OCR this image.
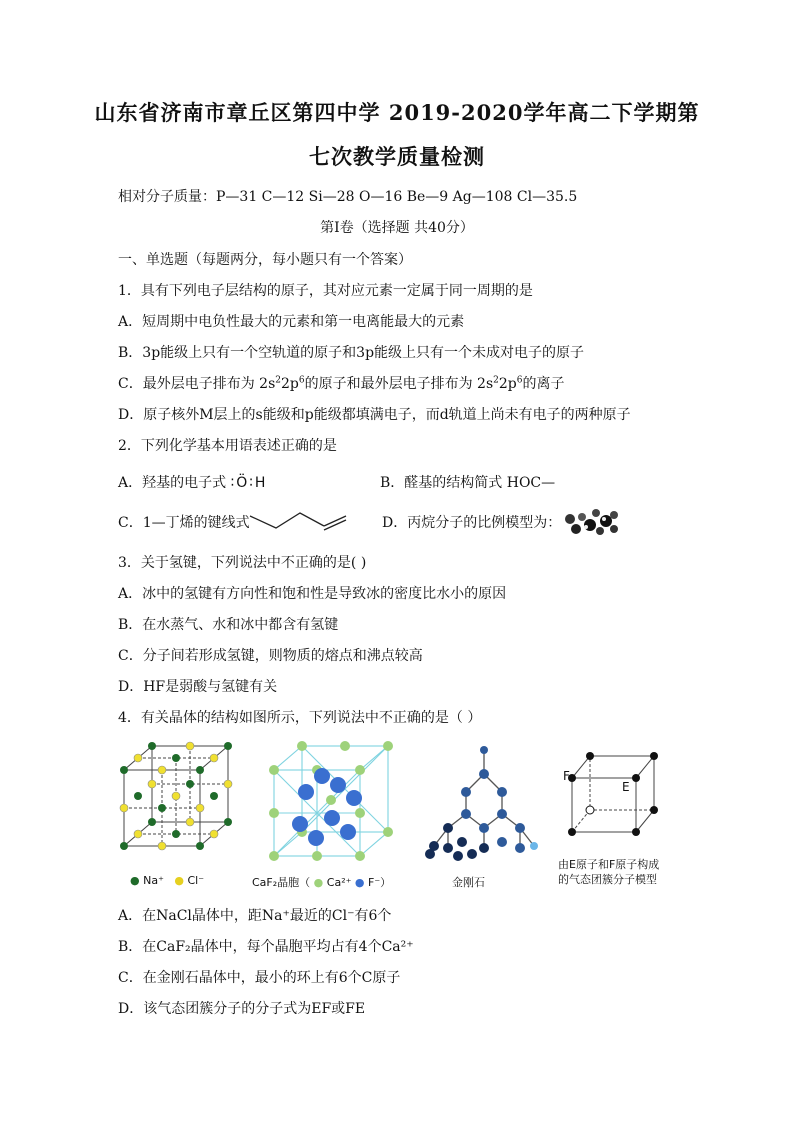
山东省济南市章丘区第四中学 2019-2020学年高二下学期第
七次教学质量检测
相对分子质量：P—31 C—12 Si—28 O—16 Be—9 Ag—108 Cl—35.5
第Ⅰ卷（选择题 共40分）
一、单选题（每题两分，每小题只有一个答案）
1．具有下列电子层结构的原子，其对应元素一定属于同一周期的是
A．短周期中电负性最大的元素和第一电离能最大的元素
B．3p能级上只有一个空轨道的原子和3p能级上只有一个未成对电子的原子
C．最外层电子排布为 $2s^22p^6$的原子和最外层电子排布为 $2s^22p^6$的离子
D．原子核外M层上的s能级和p能级都填满电子，而d轨道上尚未有电子的两种原子
2．下列化学基本用语表述正确的是
A．羟基的电子式 ∶Ö∶H	B．醛基的结构简式 HOC—
C．1—丁烯的键线式	D．丙烷分子的比例模型为：
3．关于氢键，下列说法中不正确的是( )
A．冰中的氢键有方向性和饱和性是导致冰的密度比水小的原因
B．在水蒸气、水和冰中都含有氢键
C．分子间若形成氢键，则物质的熔点和沸点较高
D．HF是弱酸与氢键有关
4．有关晶体的结构如图所示，下列说法中不正确的是（ ）
● Na⁺ ● Cl⁻	CaF₂晶胞（ ● Ca²⁺ ● F⁻）	金刚石
F
E
由E原子和F原子构成
的气态团簇分子模型
A．在NaCl晶体中，距Na⁺最近的Cl⁻有6个
B．在CaF₂晶体中，每个晶胞平均占有4个Ca²⁺
C．在金刚石晶体中，最小的环上有6个C原子
D．该气态团簇分子的分子式为EF或FE
